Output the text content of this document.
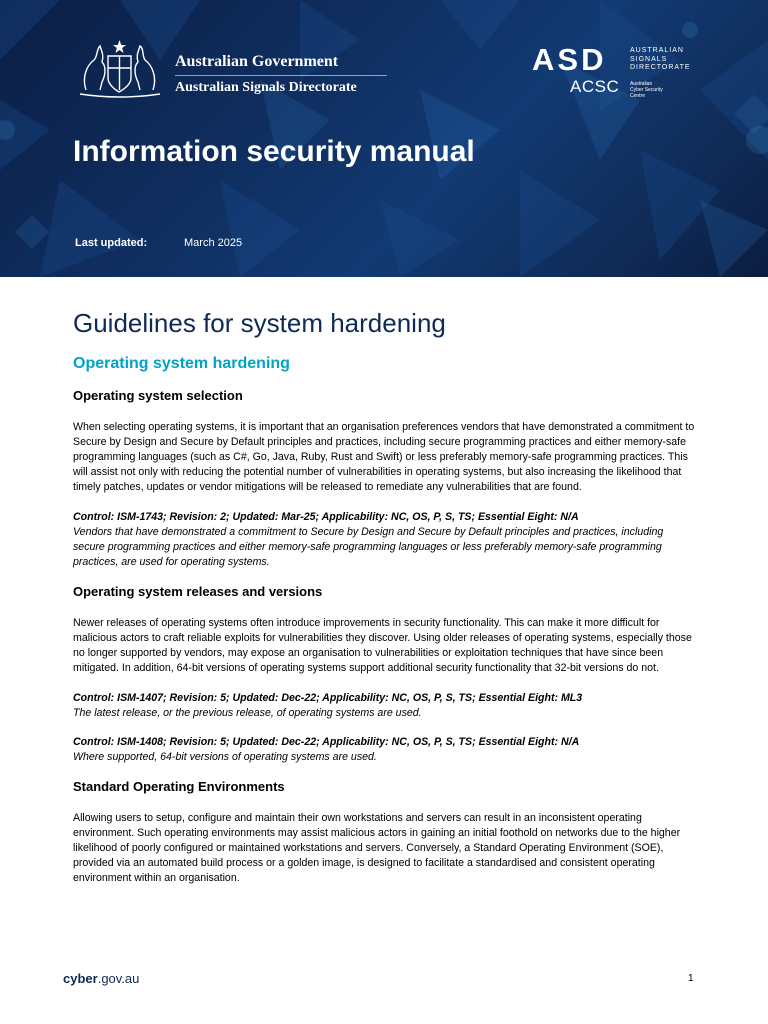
Australian Government
Australian Signals Directorate
ASD	AUSTRALIAN
SIGNALS
DIRECTORATE
ACSC Australian
Cyber Security
Centre
Information security manual
Last updated:	March 2025
Guidelines for system hardening
Operating system hardening
Operating system selection

When selecting operating systems, it is important that an organisation preferences vendors that have demonstrated a commitment to Secure by Design and Secure by Default principles and practices, including secure programming practices and either memory-safe programming languages (such as C#, Go, Java, Ruby, Rust and Swift) or less preferably memory-safe programming practices. This will assist not only with reducing the potential number of vulnerabilities in operating systems, but also increasing the likelihood that timely patches, updates or vendor mitigations will be released to remediate any vulnerabilities that are found.

Control: ISM-1743; Revision: 2; Updated: Mar-25; Applicability: NC, OS, P, S, TS; Essential Eight: N/A
Vendors that have demonstrated a commitment to Secure by Design and Secure by Default principles and practices, including secure programming practices and either memory-safe programming languages or less preferably memory-safe programming practices, are used for operating systems.
Operating system releases and versions

Newer releases of operating systems often introduce improvements in security functionality. This can make it more difficult for malicious actors to craft reliable exploits for vulnerabilities they discover. Using older releases of operating systems, especially those no longer supported by vendors, may expose an organisation to vulnerabilities or exploitation techniques that have since been mitigated. In addition, 64-bit versions of operating systems support additional security functionality that 32-bit versions do not.

Control: ISM-1407; Revision: 5; Updated: Dec-22; Applicability: NC, OS, P, S, TS; Essential Eight: ML3
The latest release, or the previous release, of operating systems are used.
Control: ISM-1408; Revision: 5; Updated: Dec-22; Applicability: NC, OS, P, S, TS; Essential Eight: N/A
Where supported, 64-bit versions of operating systems are used.
Standard Operating Environments

Allowing users to setup, configure and maintain their own workstations and servers can result in an inconsistent operating environment. Such operating environments may assist malicious actors in gaining an initial foothold on networks due to the higher likelihood of poorly configured or maintained workstations and servers. Conversely, a Standard Operating Environment (SOE), provided via an automated build process or a golden image, is designed to facilitate a standardised and consistent operating environment within an organisation.

cyber.gov.au	1
